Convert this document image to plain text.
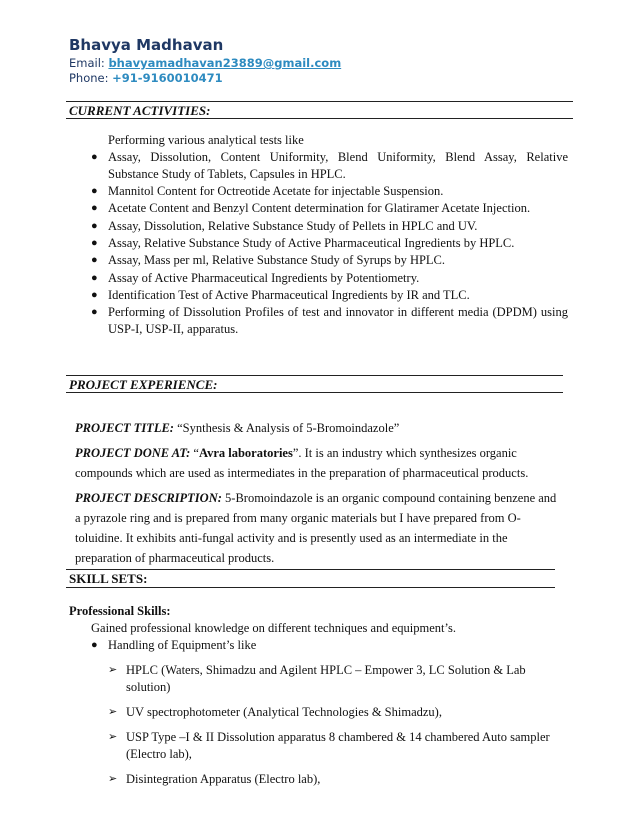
Bhavya Madhavan
Email: bhavyamadhavan23889@gmail.com
Phone: +91-9160010471
CURRENT ACTIVITIES:
Performing various analytical tests like
● Assay, Dissolution, Content Uniformity, Blend Uniformity, Blend Assay, Relative Substance Study of Tablets, Capsules in HPLC.
● Mannitol Content for Octreotide Acetate for injectable Suspension.
● Acetate Content and Benzyl Content determination for Glatiramer Acetate Injection.
● Assay, Dissolution, Relative Substance Study of Pellets in HPLC and UV.
● Assay, Relative Substance Study of Active Pharmaceutical Ingredients by HPLC.
● Assay, Mass per ml, Relative Substance Study of Syrups by HPLC.
● Assay of Active Pharmaceutical Ingredients by Potentiometry.
● Identification Test of Active Pharmaceutical Ingredients by IR and TLC.
● Performing of Dissolution Profiles of test and innovator in different media (DPDM) using USP-I, USP-II, apparatus.
PROJECT EXPERIENCE:
PROJECT TITLE: “Synthesis & Analysis of 5-Bromoindazole”
PROJECT DONE AT: “Avra laboratories”. It is an industry which synthesizes organic compounds which are used as intermediates in the preparation of pharmaceutical products.
PROJECT DESCRIPTION: 5-Bromoindazole is an organic compound containing benzene and a pyrazole ring and is prepared from many organic materials but I have prepared from O-toluidine. It exhibits anti-fungal activity and is presently used as an intermediate in the preparation of pharmaceutical products.
SKILL SETS:
Professional Skills:
Gained professional knowledge on different techniques and equipment’s.
● Handling of Equipment’s like
➢ HPLC (Waters, Shimadzu and Agilent HPLC – Empower 3, LC Solution & Lab solution)
➢ UV spectrophotometer (Analytical Technologies & Shimadzu),
➢ USP Type –I & II Dissolution apparatus 8 chambered & 14 chambered Auto sampler (Electro lab),
➢ Disintegration Apparatus (Electro lab),
